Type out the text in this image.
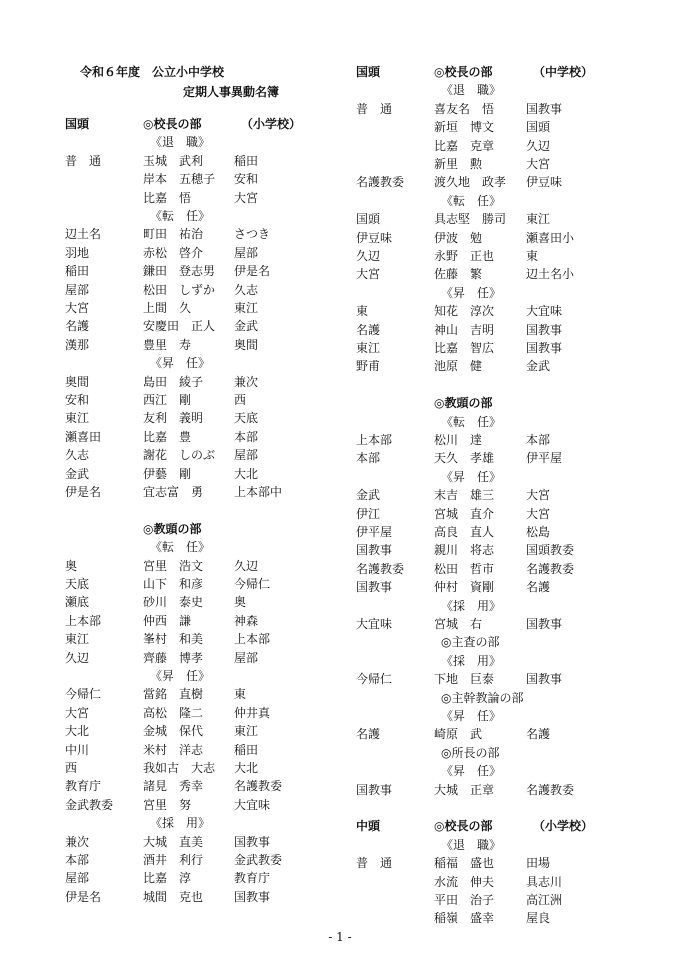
令和６年度　公立小中学校
定期人事異動名簿
国頭	◎校長の部	（小学校）
《退　職》
普　通	玉城　武利	稲田
岸本　五穂子 安和
比嘉　悟	大宮
《転　任》
辺土名	町田　祐治	さつき
羽地	赤松　啓介	屋部
稲田	鎌田　登志男 伊是名
屋部	松田　しずか 久志
大宮	上間　久	東江
名護	安慶田　正人 金武
漢那	豊里　寿	奥間
《昇　任》
奥間	島田　綾子	兼次
安和	西江　剛	西
東江	友利　義明	天底
瀬喜田	比嘉　豊	本部
久志	謝花　しのぶ 屋部
金武	伊藝　剛	大北
伊是名	宜志富　勇	上本部中
◎教頭の部
《転　任》
奥	宮里　浩文	久辺
天底	山下　和彦	今帰仁
瀬底	砂川　泰史	奥
上本部	仲西　謙	神森
東江	峯村　和美	上本部
久辺	齊藤　博孝	屋部
《昇　任》
今帰仁	當銘　直樹	東
大宮	高松　隆二	仲井真
大北	金城　保代	東江
中川	米村　洋志	稲田
西	我如古　大志 大北
教育庁	諸見　秀幸	名護教委
金武教委 宮里　努	大宜味
《採　用》
兼次	大城　直美	国教事
本部	酒井　利行	金武教委
屋部	比嘉　淳	教育庁
伊是名	城間　克也	国教事
国頭	◎校長の部	（中学校）
《退　職》
普　通	喜友名　悟	国教事
新垣　博文	国頭
比嘉　克章	久辺
新里　勲	大宮
名護教委 渡久地　政孝 伊豆味
《転　任》
国頭	具志堅　勝司 東江
伊豆味	伊波　勉	瀬喜田小
久辺	永野　正也	東
大宮	佐藤　繁	辺土名小
《昇　任》
東	知花　淳次	大宜味
名護	神山　吉明	国教事
東江	比嘉　智広	国教事
野甫	池原　健	金武
◎教頭の部
《転　任》
上本部	松川　達	本部
本部	天久　孝雄	伊平屋
《昇　任》
金武	末吉　雄三	大宮
伊江	宮城　直介	大宮
伊平屋	高良　直人	松島
国教事	親川　将志	国頭教委
名護教委 松田　哲市	名護教委
国教事	仲村　資剛	名護
《採　用》
大宜味	宮城　右	国教事
◎主査の部
《採　用》
今帰仁	下地　巨泰	国教事
◎主幹教論の部
《昇　任》
名護	崎原　武	名護
◎所長の部
《昇　任》
国教事	大城　正章	名護教委
中頭	◎校長の部	（小学校）
《退　職》
普　通	稲福　盛也	田場
水流　伸夫	具志川
平田　治子	高江洲
稲嶺　盛幸	屋良
- 1 -
